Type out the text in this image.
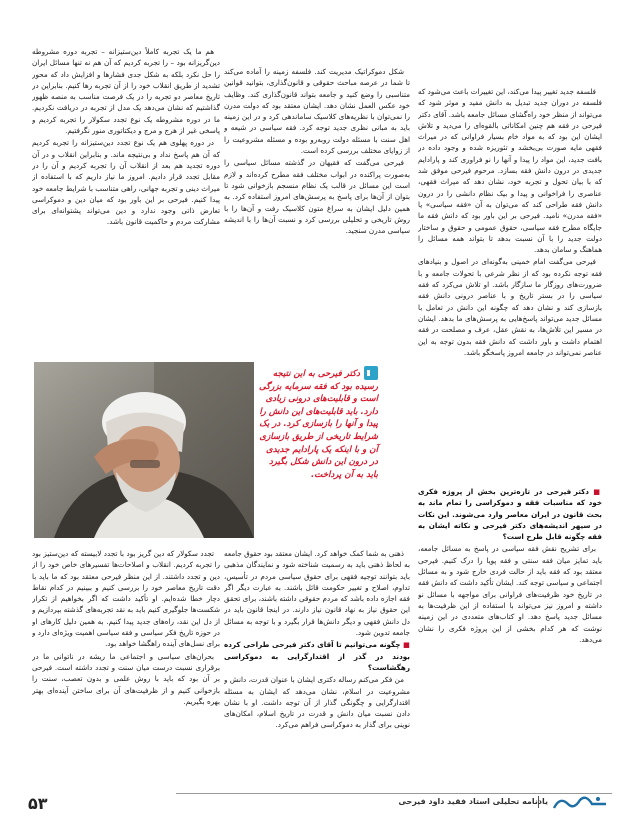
هم ما یک تجربه کاملاً دین‌ستیزانه – تجربه دوره مشروطه دین‌گریزانه بود – را تجربه کردیم که آن هم نه تنها مسائل ایران را حل نکرد بلکه به شکل جدی فشارها و افزایش داد که محور تشدید از طریق انقلاب خود را از آن تجربه رها کنیم. بنابراین در تاریخ معاصر دو تجربه را در یک فرصت مناسب به منصه ظهور گذاشتیم که نشان می‌دهد یک مدل از تجربه در دریافت نکردیم. ما در دوره مشروطه یک نوع تجدد سکولار را تجربه کردیم و پاسخی غیر از هرج و مرج و دیکتاتوری منور نگرفتیم.

در دوره پهلوی هم یک نوع تجدد دین‌ستیزانه را تجربه کردیم که آن هم پاسخ نداد و بی‌نتیجه ماند. و بنابراین انقلاب و در آن دوره تجدید هم بعد از انقلاب آن را تجربه کردیم و آن را در مقابل تجدد قرار دادیم. امروز ما نیاز داریم که با استفاده از میراث دینی و تجربه جهانی، راهی متناسب با شرایط جامعه خود پیدا کنیم. فیرحی بر این باور بود که میان دین و دموکراسی تعارض ذاتی وجود ندارد و دین می‌تواند پشتوانه‌ای برای مشارکت مردم و حاکمیت قانون باشد.

شکل دموکراتیک مدیریت کند. فلسفه زمینه را آماده می‌کند تا شما در عرصه مباحث حقوقی و قانون‌گذاری، بتوانید قوانین متناسبی را وضع کنید و جامعه بتواند قانون‌گذاری کند. وظایف خود عکس العمل نشان دهد. ایشان معتقد بود که دولت مدرن را نمی‌توان با نظریه‌های کلاسیک ساماندهی کرد و در این زمینه باید به مبانی نظری جدید توجه کرد. فقه سیاسی در شیعه و اهل سنت با مسئله دولت روبه‌رو بوده و مسئله مشروعیت را از زوایای مختلف بررسی کرده است.

فیرحی می‌گفت که فقیهان در گذشته مسائل سیاسی را به‌صورت پراکنده در ابواب مختلف فقه مطرح کرده‌اند و لازم است این مسائل در قالب یک نظام منسجم بازخوانی شود تا بتوان از آن‌ها برای پاسخ به پرسش‌های امروز استفاده کرد. به همین دلیل ایشان به سراغ متون کلاسیک رفت و آن‌ها را با روش تاریخی و تحلیلی بررسی کرد و نسبت آن‌ها را با اندیشه سیاسی مدرن سنجید.

فلسفه جدید تغییر پیدا می‌کند، این تغییرات باعث می‌شود که فلسفه در دوران جدید تبدیل به دانش مفید و موثر شود که می‌تواند از منظر خود راه‌گشای مسائل جامعه باشد. آقای دکتر فیرحی در فقه هم چنین امکاناتی بالقوه‌ای را می‌دید و تلاش ایشان این بود که به مواد خام بسیار فراوانی که در میراث فقهی مایه صورت بی‌بخشد و تئوریزه شده و وجود داده در بافت جدید، این مواد را پیدا و آنها را نو فراوری کند و پارادایم جدیدی در درون دانش فقه بسازد. مرحوم فیرحی موفق شد که با بیان تحول و تجربه خود، نشان دهد که میراث فقهی، عناصری را فراخوانی و پیدا و بیک نظام دانشی را در درون دانش فقه طراحی کند که می‌توان به آن «فقه سیاسی» یا «فقه مدرن» نامید. فیرحی بر این باور بود که دانش فقه ما جایگاه مطرح فقه سیاسی، حقوق عمومی و حقوق و ساختار دولت جدید را با آن نسبت بدهد تا بتواند همه مسائل را هماهنگ و سامان بدهد.

فیرحی می‌گفت امام خمینی به‌گونه‌ای در اصول و بنیادهای فقه توجه نکرده بود که از نظر شرعی با تحولات جامعه و با ضرورت‌های روزگار ما سازگار باشد. او تلاش می‌کرد که فقه سیاسی را در بستر تاریخ و با عناصر درونی دانش فقه بازسازی کند و نشان دهد که چگونه این دانش در تعامل با مسائل جدید می‌تواند پاسخ‌هایی به پرسش‌های ما بدهد. ایشان در مسیر این تلاش‌ها، به نقش عقل، عرف و مصلحت در فقه اهتمام داشت و باور داشت که دانش فقه بدون توجه به این عناصر نمی‌تواند در جامعه امروز پاسخگو باشد.

دکتر فیرحی به این نتیجه رسیده بود که فقه سرمایه بزرگی است و قابلیت‌های درونی زیادی دارد. باید قابلیت‌های این دانش را پیدا و آنها را بازسازی کرد. در یک شرایط تاریخی از طریق بازسازی آن و با اینکه یک پارادایم جدیدی در درون این دانش شکل بگیرد باید به آن پرداخت.

■ دکتر فیرحی در تازه‌ترین بخش از پروژه فکری خود که مناسبات فقه و دموکراسی را تمام ماند به بحث قانون در ایران معاصر وارد می‌شوند. این نکات در سیهر اندیشه‌های دکتر فیرحی و نکاته ایشان به فقه چگونه قابل طرح است؟

برای تشریح نقش فقه سیاسی در پاسخ به مسائل جامعه، باید تمایز میان فقه سنتی و فقه پویا را درک کنیم. فیرحی معتقد بود که فقه باید از حالت فردی خارج شود و به مسائل اجتماعی و سیاسی توجه کند. ایشان تأکید داشت که دانش فقه در تاریخ خود ظرفیت‌های فراوانی برای مواجهه با مسائل نو داشته و امروز نیز می‌تواند با استفاده از این ظرفیت‌ها به مسائل جدید پاسخ دهد. او کتاب‌های متعددی در این زمینه نوشت که هر کدام بخشی از این پروژه فکری را نشان می‌دهد.

ذهنی به شما کمک خواهد کرد. ایشان معتقد بود حقوق جامعه به لحاظ ذهنی باید به رسمیت شناخته شود و نمایندگان مذهبی باید بتوانند توجیه فقهی برای حقوق سیاسی مردم در تأسیس، تداوم، اصلاح و تغییر حکومت قائل باشند. به عبارت دیگر اگر فقه اجازه داده باشد که مردم حقوقی داشته باشند، برای تحقق این حقوق نیاز به نهاد قانون نیاز دارند. در اینجا قانون باید در دل دانش فقهی و دیگر دانش‌ها قرار بگیرد و با توجه به مسائل جامعه تدوین شود.

■ چگونه می‌توانیم تا آقای دکتر فیرحی طراحی کرده بودند در گذر از اقتدارگرایی به دموکراسی رهگشاست؟

من فکر می‌کنم رساله دکتری ایشان با عنوان قدرت، دانش و مشروعیت در اسلام، نشان می‌دهد که ایشان به مسئله اقتدارگرایی و چگونگی گذار از آن توجه داشت. او با نشان دادن نسبت میان دانش و قدرت در تاریخ اسلام، امکان‌های نوینی برای گذار به دموکراسی فراهم می‌کرد.

تجدد سکولار که دین گریز بود با تجدد لابیسته که دین‌ستیز بود را تجربه کردیم. انقلاب و اصلاحات‌ها تفسیرهای خاص خود را از دین و تجدد داشتند. از این منظر فیرحی معتقد بود که ما باید با دقت تاریخ معاصر خود را بررسی کنیم و ببینیم در کدام نقاط دچار خطا شده‌ایم. او تأکید داشت که اگر بخواهیم از تکرار شکست‌ها جلوگیری کنیم باید به نقد تجربه‌های گذشته بپردازیم و از دل این نقد، راه‌های جدید پیدا کنیم. به همین دلیل کارهای او در حوزه تاریخ فکر سیاسی و فقه سیاسی اهمیت ویژه‌ای دارد و برای نسل‌های آینده راهگشا خواهد بود.

بحران‌های سیاسی و اجتماعی ما ریشه در ناتوانی ما در برقراری نسبت درست میان سنت و تجدد داشته است. فیرحی بر آن بود که باید با روش علمی و بدون تعصب، سنت را بازخوانی کنیم و از ظرفیت‌های آن برای ساختن آینده‌ای بهتر بهره بگیریم.

یادنامه تحلیلی استاد فقید داود فیرحی
۵۳
